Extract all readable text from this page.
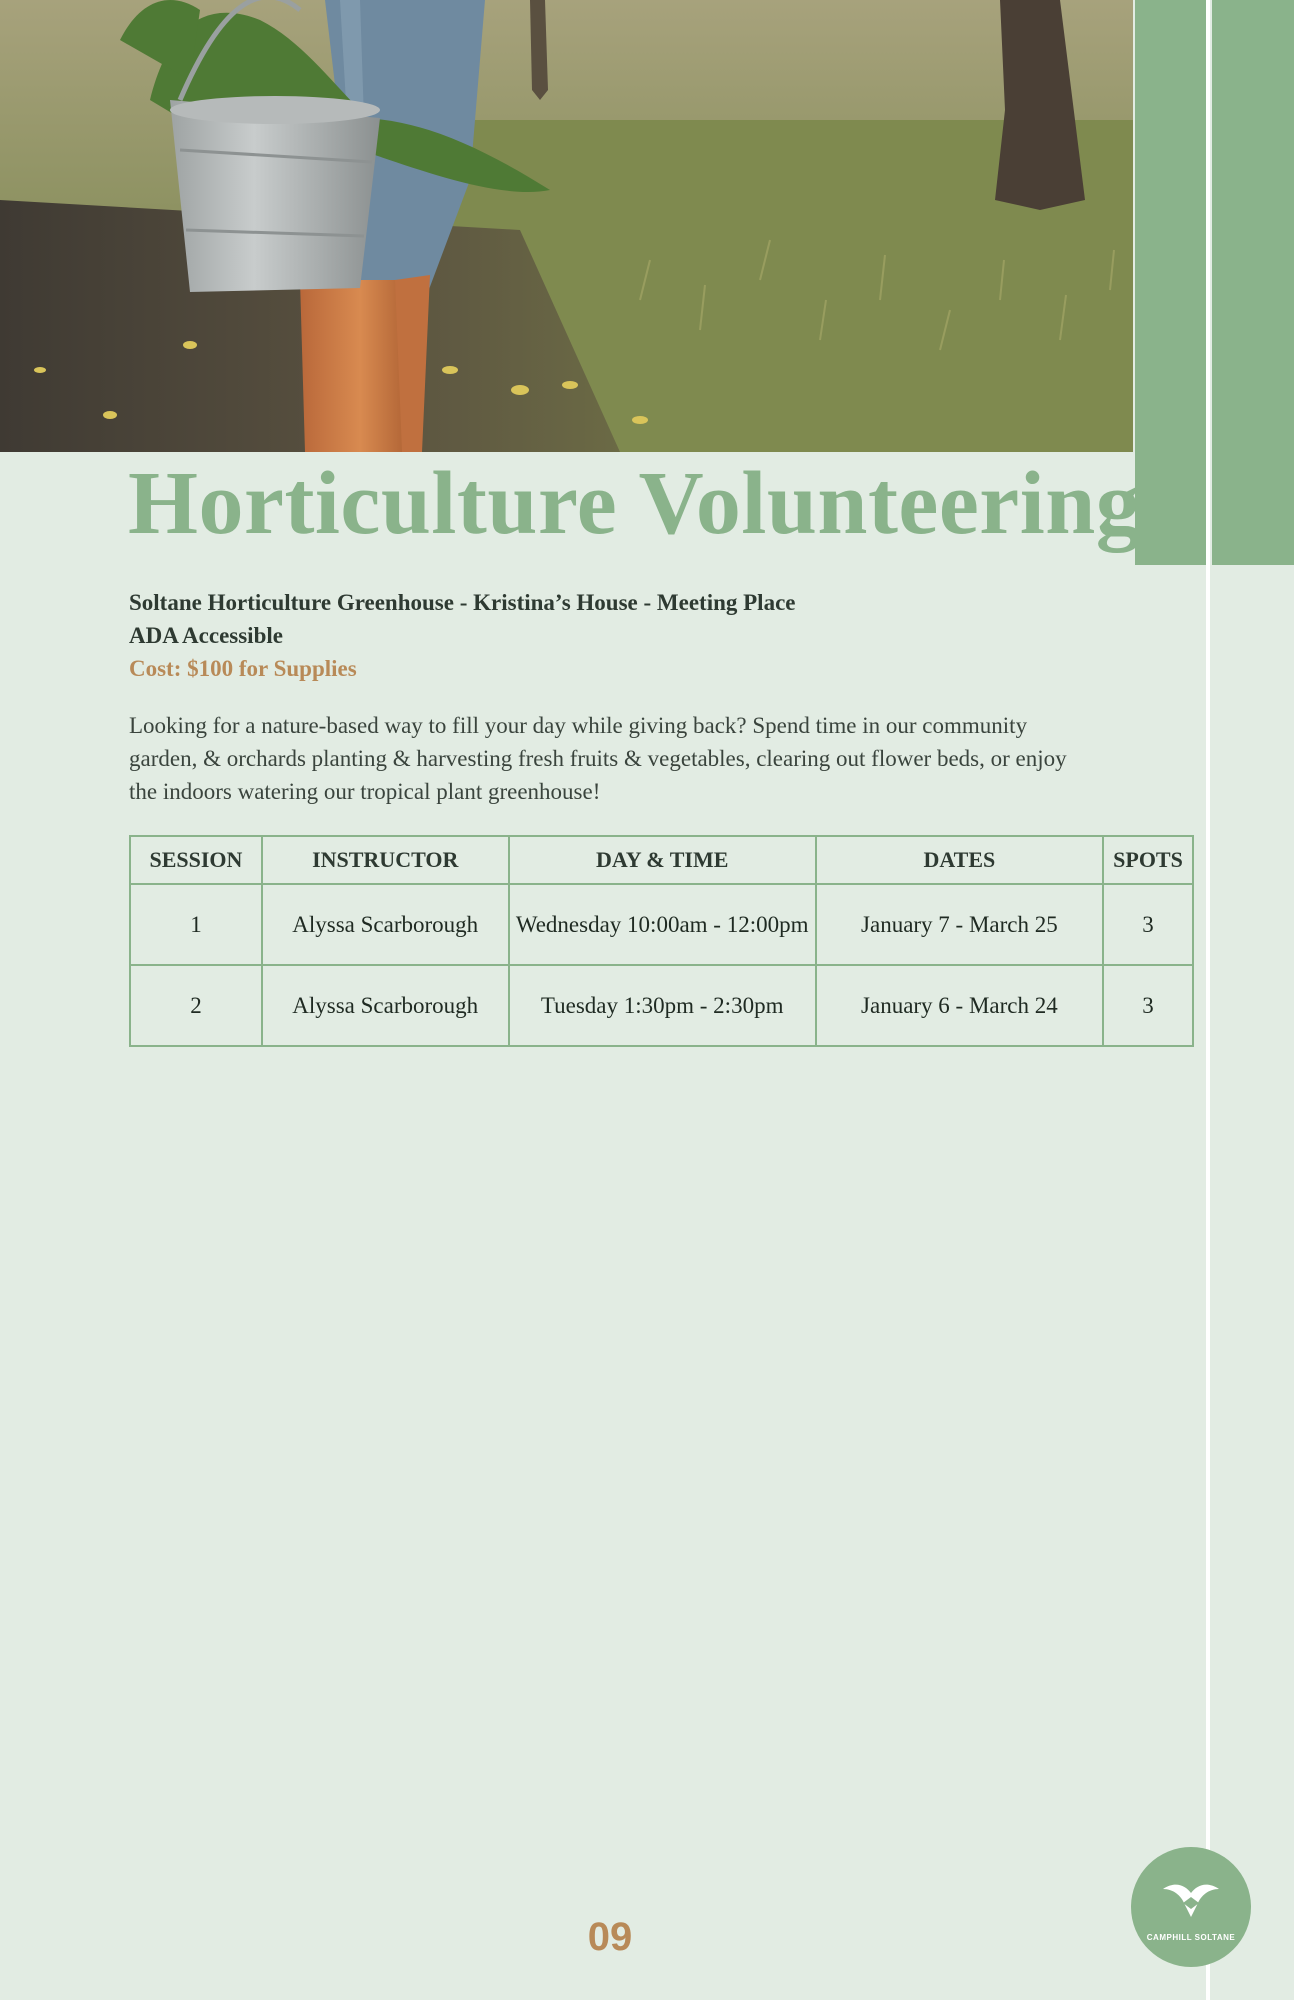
Horticulture Volunteering
Soltane Horticulture Greenhouse - Kristina’s House - Meeting Place
ADA Accessible
Cost: $100 for Supplies
Looking for a nature-based way to fill your day while giving back? Spend time in our community garden, & orchards planting & harvesting fresh fruits & vegetables, clearing out flower beds, or enjoy the indoors watering our tropical plant greenhouse!
SESSION	INSTRUCTOR	DAY & TIME	DATES	SPOTS
1	Alyssa Scarborough	Wednesday 10:00am - 12:00pm	January 7 - March 25	3
2	Alyssa Scarborough	Tuesday 1:30pm - 2:30pm	January 6 - March 24	3
09	CAMPHILL SOLTANE
